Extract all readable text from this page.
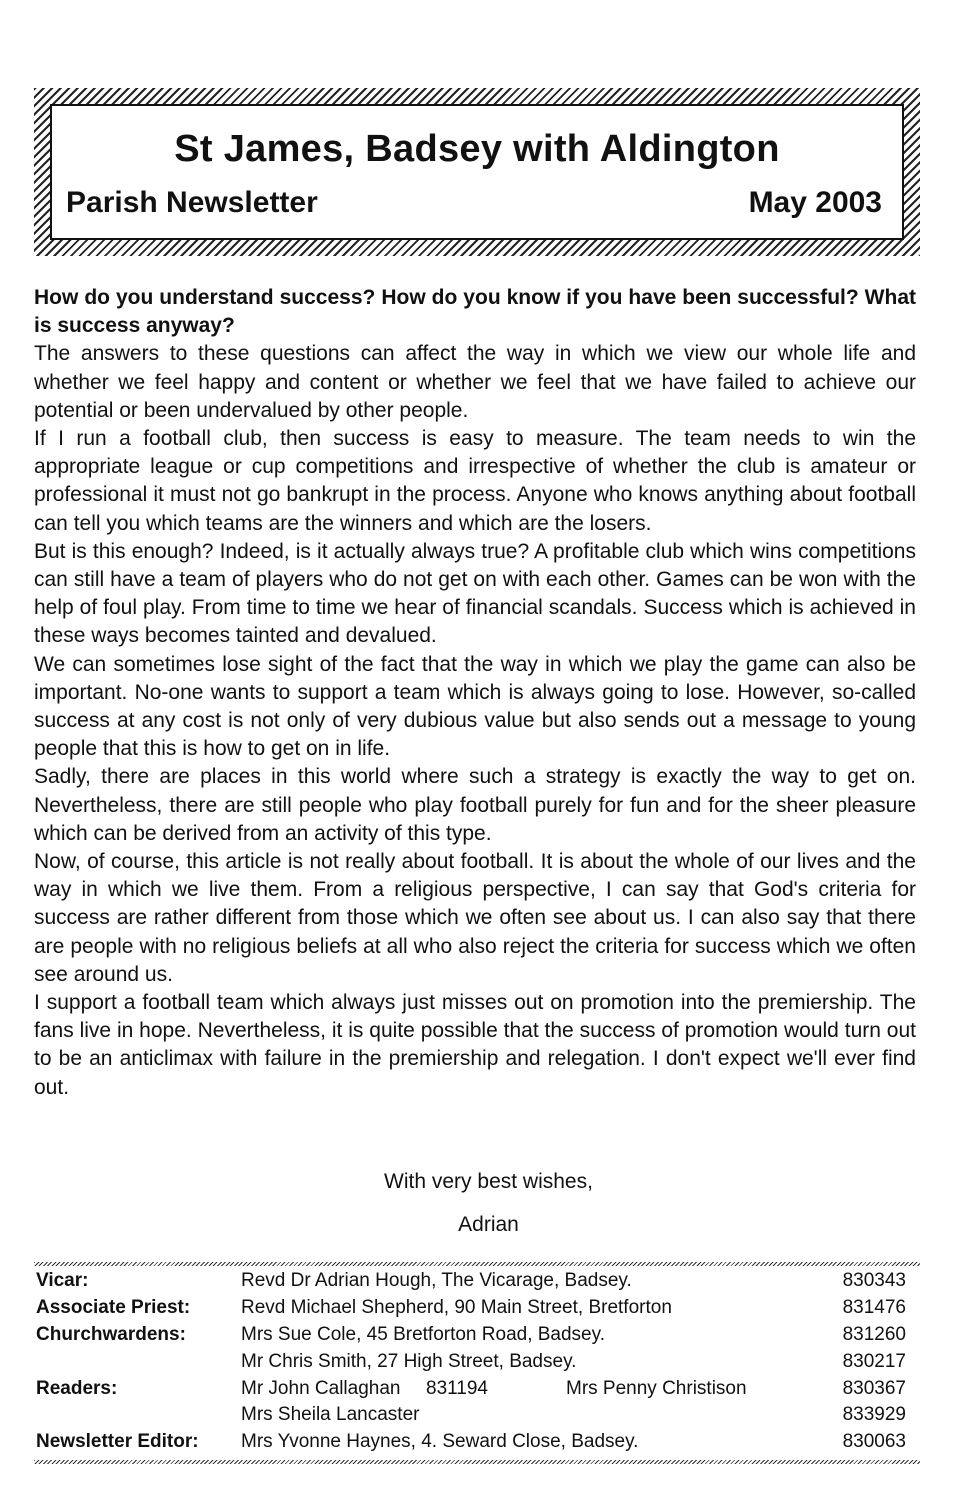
St James, Badsey with Aldington
Parish Newsletter	May 2003

How do you understand success? How do you know if you have been successful? What is success anyway?

The answers to these questions can affect the way in which we view our whole life and whether we feel happy and content or whether we feel that we have failed to achieve our potential or been undervalued by other people.

If I run a football club, then success is easy to measure. The team needs to win the appropriate league or cup competitions and irrespective of whether the club is amateur or professional it must not go bankrupt in the process. Anyone who knows anything about football can tell you which teams are the winners and which are the losers.

But is this enough? Indeed, is it actually always true? A profitable club which wins competitions can still have a team of players who do not get on with each other. Games can be won with the help of foul play. From time to time we hear of financial scandals. Success which is achieved in these ways becomes tainted and devalued.

We can sometimes lose sight of the fact that the way in which we play the game can also be important. No-one wants to support a team which is always going to lose. However, so-called success at any cost is not only of very dubious value but also sends out a message to young people that this is how to get on in life.

Sadly, there are places in this world where such a strategy is exactly the way to get on. Nevertheless, there are still people who play football purely for fun and for the sheer pleasure which can be derived from an activity of this type.

Now, of course, this article is not really about football. It is about the whole of our lives and the way in which we live them. From a religious perspective, I can say that God's criteria for success are rather different from those which we often see about us. I can also say that there are people with no religious beliefs at all who also reject the criteria for success which we often see around us.

I support a football team which always just misses out on promotion into the premiership. The fans live in hope. Nevertheless, it is quite possible that the success of promotion would turn out to be an anticlimax with failure in the premiership and relegation. I don't expect we'll ever find out.

With very best wishes,
Adrian
Vicar:	Revd Dr Adrian Hough, The Vicarage, Badsey.	830343
Associate Priest:	Revd Michael Shepherd, 90 Main Street, Bretforton	831476
Churchwardens:	Mrs Sue Cole, 45 Bretforton Road, Badsey.	831260
	Mr Chris Smith, 27 High Street, Badsey.	830217
Readers:	Mr John Callaghan 831194 Mrs Penny Christison	830367
	Mrs Sheila Lancaster	833929
Newsletter Editor:	Mrs Yvonne Haynes, 4. Seward Close, Badsey.	830063
